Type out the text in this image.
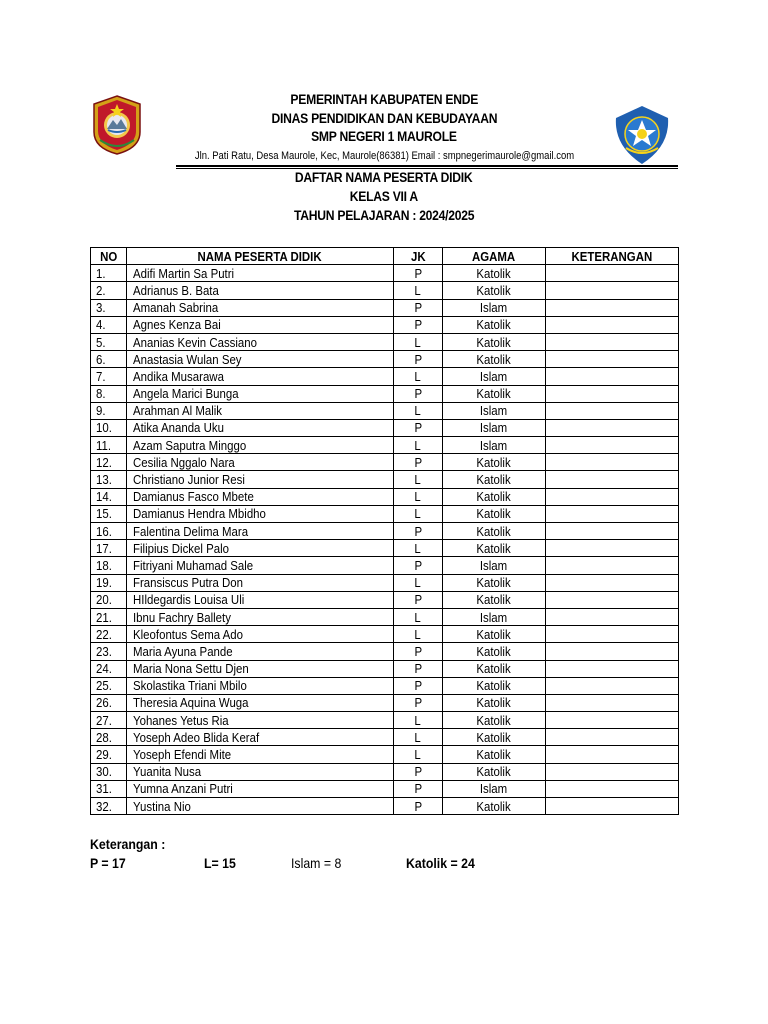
PEMERINTAH KABUPATEN ENDE
DINAS PENDIDIKAN DAN KEBUDAYAAN
SMP NEGERI 1 MAUROLE
Jln. Pati Ratu, Desa Maurole, Kec, Maurole(86381) Email : smpnegerimaurole@gmail.com
DAFTAR NAMA PESERTA DIDIK
KELAS VII A
TAHUN PELAJARAN : 2024/2025
NO	NAMA PESERTA DIDIK	JK	AGAMA	KETERANGAN
1.	Adifi Martin Sa Putri	P	Katolik	
2.	Adrianus B. Bata	L	Katolik	
3.	Amanah Sabrina	P	Islam	
4.	Agnes Kenza Bai	P	Katolik	
5.	Ananias Kevin Cassiano	L	Katolik	
6.	Anastasia Wulan Sey	P	Katolik	
7.	Andika Musarawa	L	Islam	
8.	Angela Marici Bunga	P	Katolik	
9.	Arahman Al Malik	L	Islam	
10.	Atika Ananda Uku	P	Islam	
11.	Azam Saputra Minggo	L	Islam	
12.	Cesilia Nggalo Nara	P	Katolik	
13.	Christiano Junior Resi	L	Katolik	
14.	Damianus Fasco Mbete	L	Katolik	
15.	Damianus Hendra Mbidho	L	Katolik	
16.	Falentina Delima Mara	P	Katolik	
17.	Filipius Dickel Palo	L	Katolik	
18.	Fitriyani Muhamad Sale	P	Islam	
19.	Fransiscus Putra Don	L	Katolik	
20.	HIldegardis Louisa Uli	P	Katolik	
21.	Ibnu Fachry Ballety	L	Islam	
22.	Kleofontus Sema Ado	L	Katolik	
23.	Maria Ayuna Pande	P	Katolik	
24.	Maria Nona Settu Djen	P	Katolik	
25.	Skolastika Triani Mbilo	P	Katolik	
26.	Theresia Aquina Wuga	P	Katolik	
27.	Yohanes Yetus Ria	L	Katolik	
28.	Yoseph Adeo Blida Keraf	L	Katolik	
29.	Yoseph Efendi Mite	L	Katolik	
30.	Yuanita Nusa	P	Katolik	
31.	Yumna Anzani Putri	P	Islam	
32.	Yustina Nio	P	Katolik	
Keterangan :
P = 17	L= 15	Islam = 8	Katolik = 24
